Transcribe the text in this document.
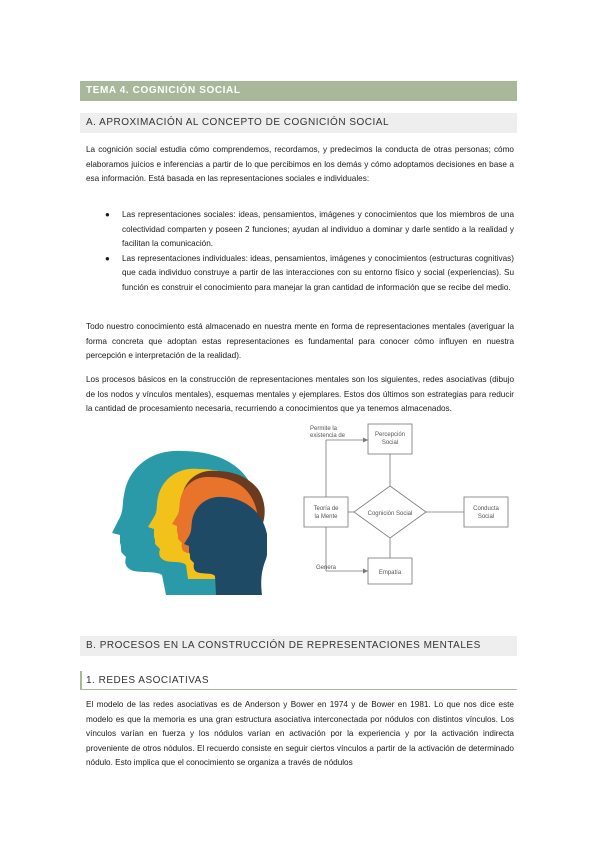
TEMA 4. COGNICIÓN SOCIAL
A. APROXIMACIÓN AL CONCEPTO DE COGNICIÓN SOCIAL

La cognición social estudia cómo comprendemos, recordamos, y predecimos la conducta de otras personas; cómo elaboramos juicios e inferencias a partir de lo que percibimos en los demás y cómo adoptamos decisiones en base a esa información. Está basada en las representaciones sociales e individuales:

● Las representaciones sociales: ideas, pensamientos, imágenes y conocimientos que los miembros de una colectividad comparten y poseen 2 funciones; ayudan al individuo a dominar y darle sentido a la realidad y facilitan la comunicación.
● Las representaciones individuales: ideas, pensamientos, imágenes y conocimientos (estructuras cognitivas) que cada individuo construye a partir de las interacciones con su entorno físico y social (experiencias). Su función es construir el conocimiento para manejar la gran cantidad de información que se recibe del medio.

Todo nuestro conocimiento está almacenado en nuestra mente en forma de representaciones mentales (averiguar la forma concreta que adoptan estas representaciones es fundamental para conocer cómo influyen en nuestra percepción e interpretación de la realidad).

Los procesos básicos en la construcción de representaciones mentales son los siguientes, redes asociativas (dibujo de los nodos y vínculos mentales), esquemas mentales y ejemplares. Estos dos últimos son estrategias para reducir la cantidad de procesamiento necesaria, recurriendo a conocimientos que ya tenemos almacenados.

Percepción
Social
Teoría de
la Mente
Conducta
Social
Cognición Social
Empatía
Permite la
existencia de
Genera
B. PROCESOS EN LA CONSTRUCCIÓN DE REPRESENTACIONES MENTALES
1. REDES ASOCIATIVAS

El modelo de las redes asociativas es de Anderson y Bower en 1974 y de Bower en 1981. Lo que nos dice este modelo es que la memoria es una gran estructura asociativa interconectada por nódulos con distintos vínculos. Los vínculos varían en fuerza y los nódulos varían en activación por la experiencia y por la activación indirecta proveniente de otros nódulos. El recuerdo consiste en seguir ciertos vínculos a partir de la activación de determinado nódulo. Esto implica que el conocimiento se organiza a través de nódulos
